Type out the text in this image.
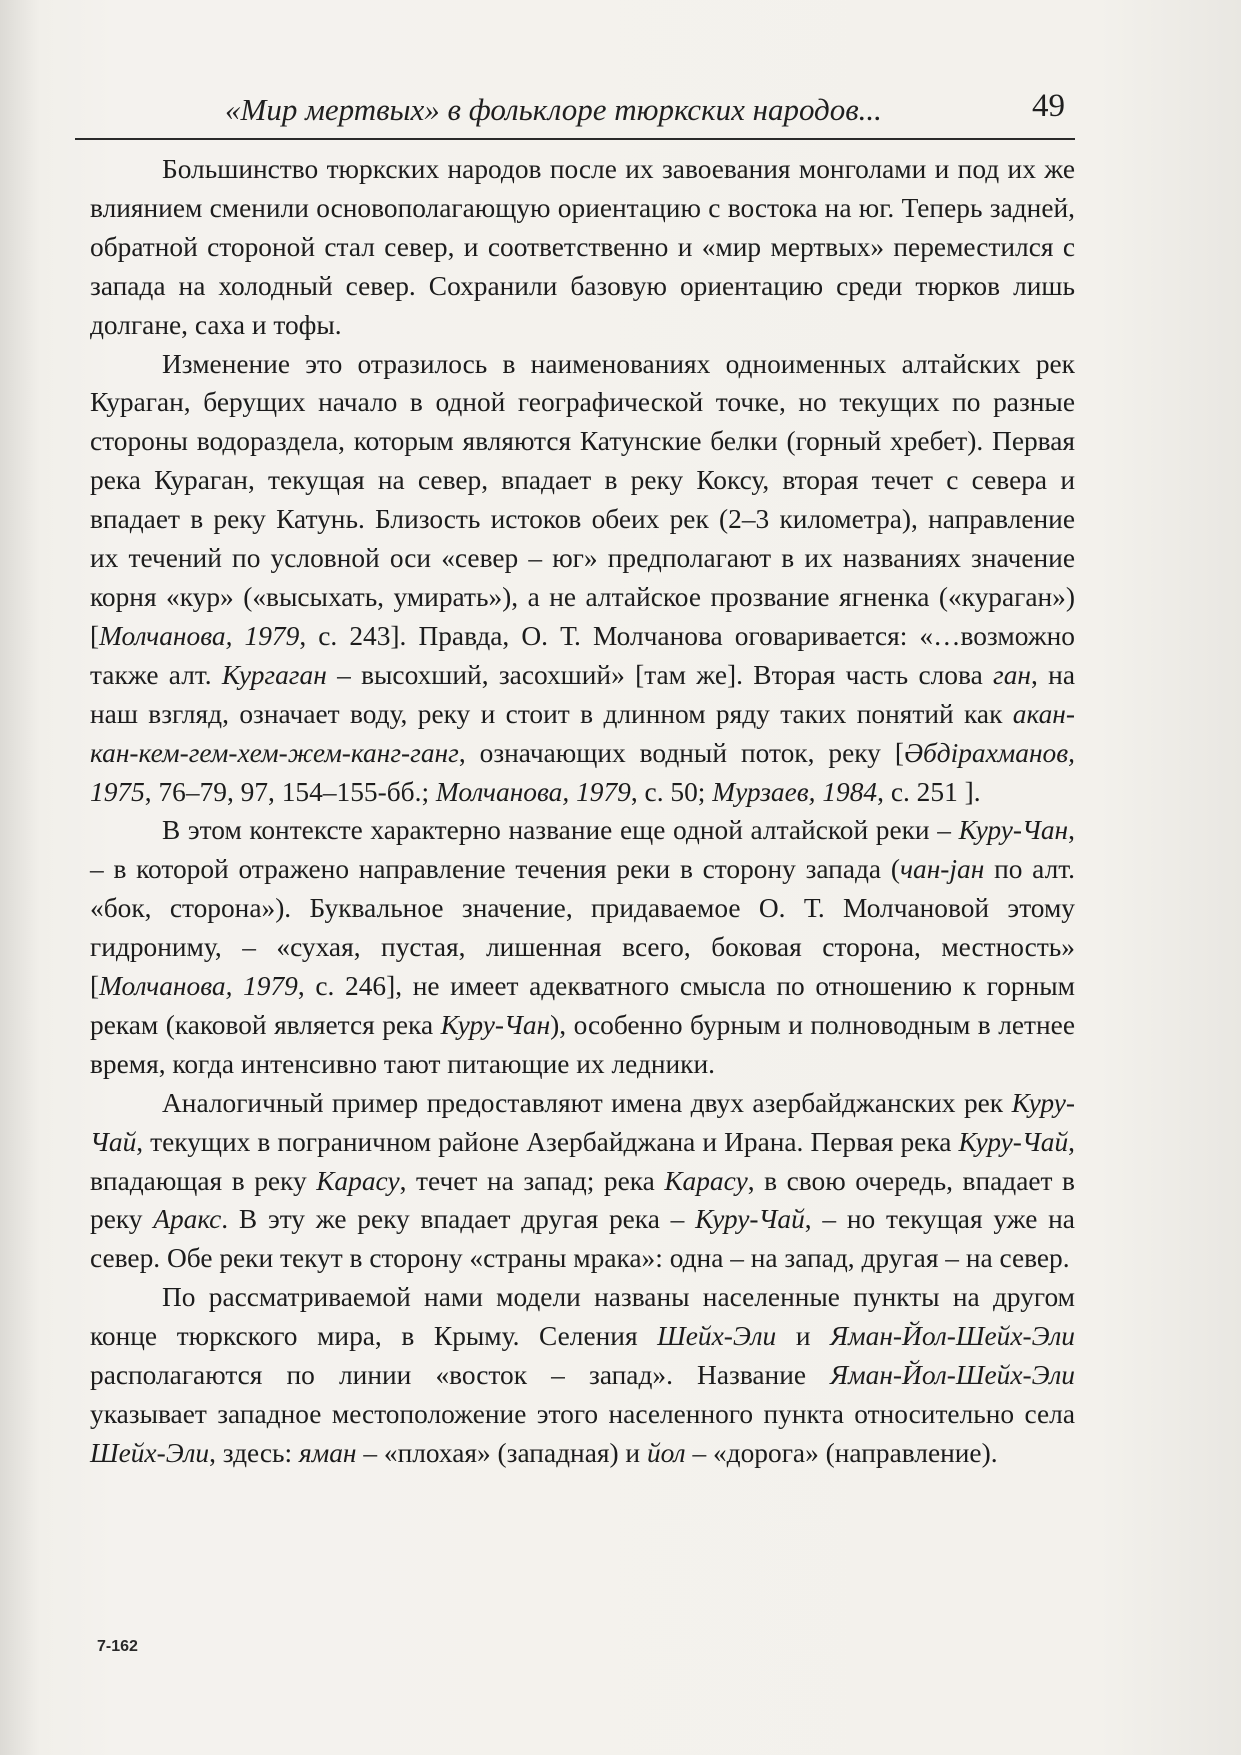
«Мир мертвых» в фольклоре тюркских народов...	49

Большинство тюркских народов после их завоевания монголами и под их же влиянием сменили основополагающую ориентацию с востока на юг. Теперь задней, обратной стороной стал север, и соответственно и «мир мертвых» переместился с запада на холодный север. Сохранили базовую ориентацию среди тюрков лишь долгане, саха и тофы.

Изменение это отразилось в наименованиях одноименных алтайских рек Кураган, берущих начало в одной географической точке, но текущих по разные стороны водораздела, которым являются Катунские белки (горный хребет). Первая река Кураган, текущая на север, впадает в реку Коксу, вторая течет с севера и впадает в реку Катунь. Близость истоков обеих рек (2–3 километра), направление их течений по условной оси «север – юг» предполагают в их названиях значение корня «кур» («высыхать, умирать»), а не алтайское прозвание ягненка («кураган») [Молчанова, 1979, с. 243]. Правда, О. Т. Молчанова оговаривается: «…возможно также алт. Кургаган – высохший, засохший» [там же]. Вторая часть слова ган, на наш взгляд, означает воду, реку и стоит в длинном ряду таких понятий как акан-кан-кем-гем-хем-жем-канг-ганг, означающих водный поток, реку [Әбдірахманов, 1975, 76–79, 97, 154–155-бб.; Молчанова, 1979, с. 50; Мурзаев, 1984, с. 251 ].

В этом контексте характерно название еще одной алтайской реки – Куру-Чан, – в которой отражено направление течения реки в сторону запада (чан-јан по алт. «бок, сторона»). Буквальное значение, придаваемое О. Т. Молчановой этому гидрониму, – «сухая, пустая, лишенная всего, боковая сторона, местность» [Молчанова, 1979, с. 246], не имеет адекватного смысла по отношению к горным рекам (каковой является река Куру-Чан), особенно бурным и полноводным в летнее время, когда интенсивно тают питающие их ледники.

Аналогичный пример предоставляют имена двух азербайджанских рек Куру-Чай, текущих в пограничном районе Азербайджана и Ирана. Первая река Куру-Чай, впадающая в реку Карасу, течет на запад; река Карасу, в свою очередь, впадает в реку Аракс. В эту же реку впадает другая река – Куру-Чай, – но текущая уже на север. Обе реки текут в сторону «страны мрака»: одна – на запад, другая – на север.

По рассматриваемой нами модели названы населенные пункты на другом конце тюркского мира, в Крыму. Селения Шейх-Эли и Яман-Йол-Шейх-Эли располагаются по линии «восток – запад». Название Яман-Йол-Шейх-Эли указывает западное местоположение этого населенного пункта относительно села Шейх-Эли, здесь: яман – «плохая» (западная) и йол – «дорога» (направление).

7-162
